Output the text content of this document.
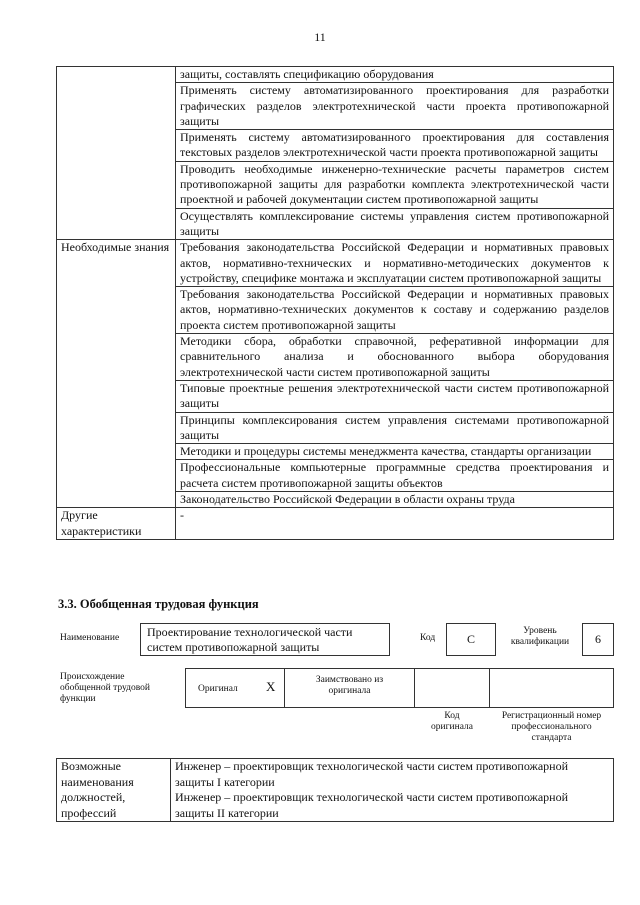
11
	защиты, составлять спецификацию оборудования
	Применять систему автоматизированного проектирования для разработки графических разделов электротехнической части проекта противопожарной защиты
	Применять систему автоматизированного проектирования для составления текстовых разделов электротехнической части проекта противопожарной защиты
	Проводить необходимые инженерно-технические расчеты параметров систем противопожарной защиты для разработки комплекта электротехнической части проектной и рабочей документации систем противопожарной защиты
	Осуществлять комплексирование системы управления систем противопожарной защиты
Необходимые знания	Требования законодательства Российской Федерации и нормативных правовых актов, нормативно-технических и нормативно-методических документов к устройству, специфике монтажа и эксплуатации систем противопожарной защиты
	Требования законодательства Российской Федерации и нормативных правовых актов, нормативно-технических документов к составу и содержанию разделов проекта систем противопожарной защиты
	Методики сбора, обработки справочной, реферативной информации для сравнительного анализа и обоснованного выбора оборудования электротехнической части систем противопожарной защиты
	Типовые проектные решения электротехнической части систем противопожарной защиты
	Принципы комплексирования систем управления системами противопожарной защиты
	Методики и процедуры системы менеджмента качества, стандарты организации
	Профессиональные компьютерные программные средства проектирования и расчета систем противопожарной защиты объектов
	Законодательство Российской Федерации в области охраны труда
Другие характеристики	-
3.3. Обобщенная трудовая функция
Наименование Проектирование технологической части
систем противопожарной защиты
Код	С
Уровень
квалификации	6
Происхождение
обобщенной трудовой
функции
Оригинал X	Заимствовано из
оригинала
Код
оригинала
Регистрационный номер
профессионального
стандарта
Возможные наименования должностей, профессий	
Инженер – проектировщик технологической части систем противопожарной защиты I категории
Инженер – проектировщик технологической части систем противопожарной защиты II категории
